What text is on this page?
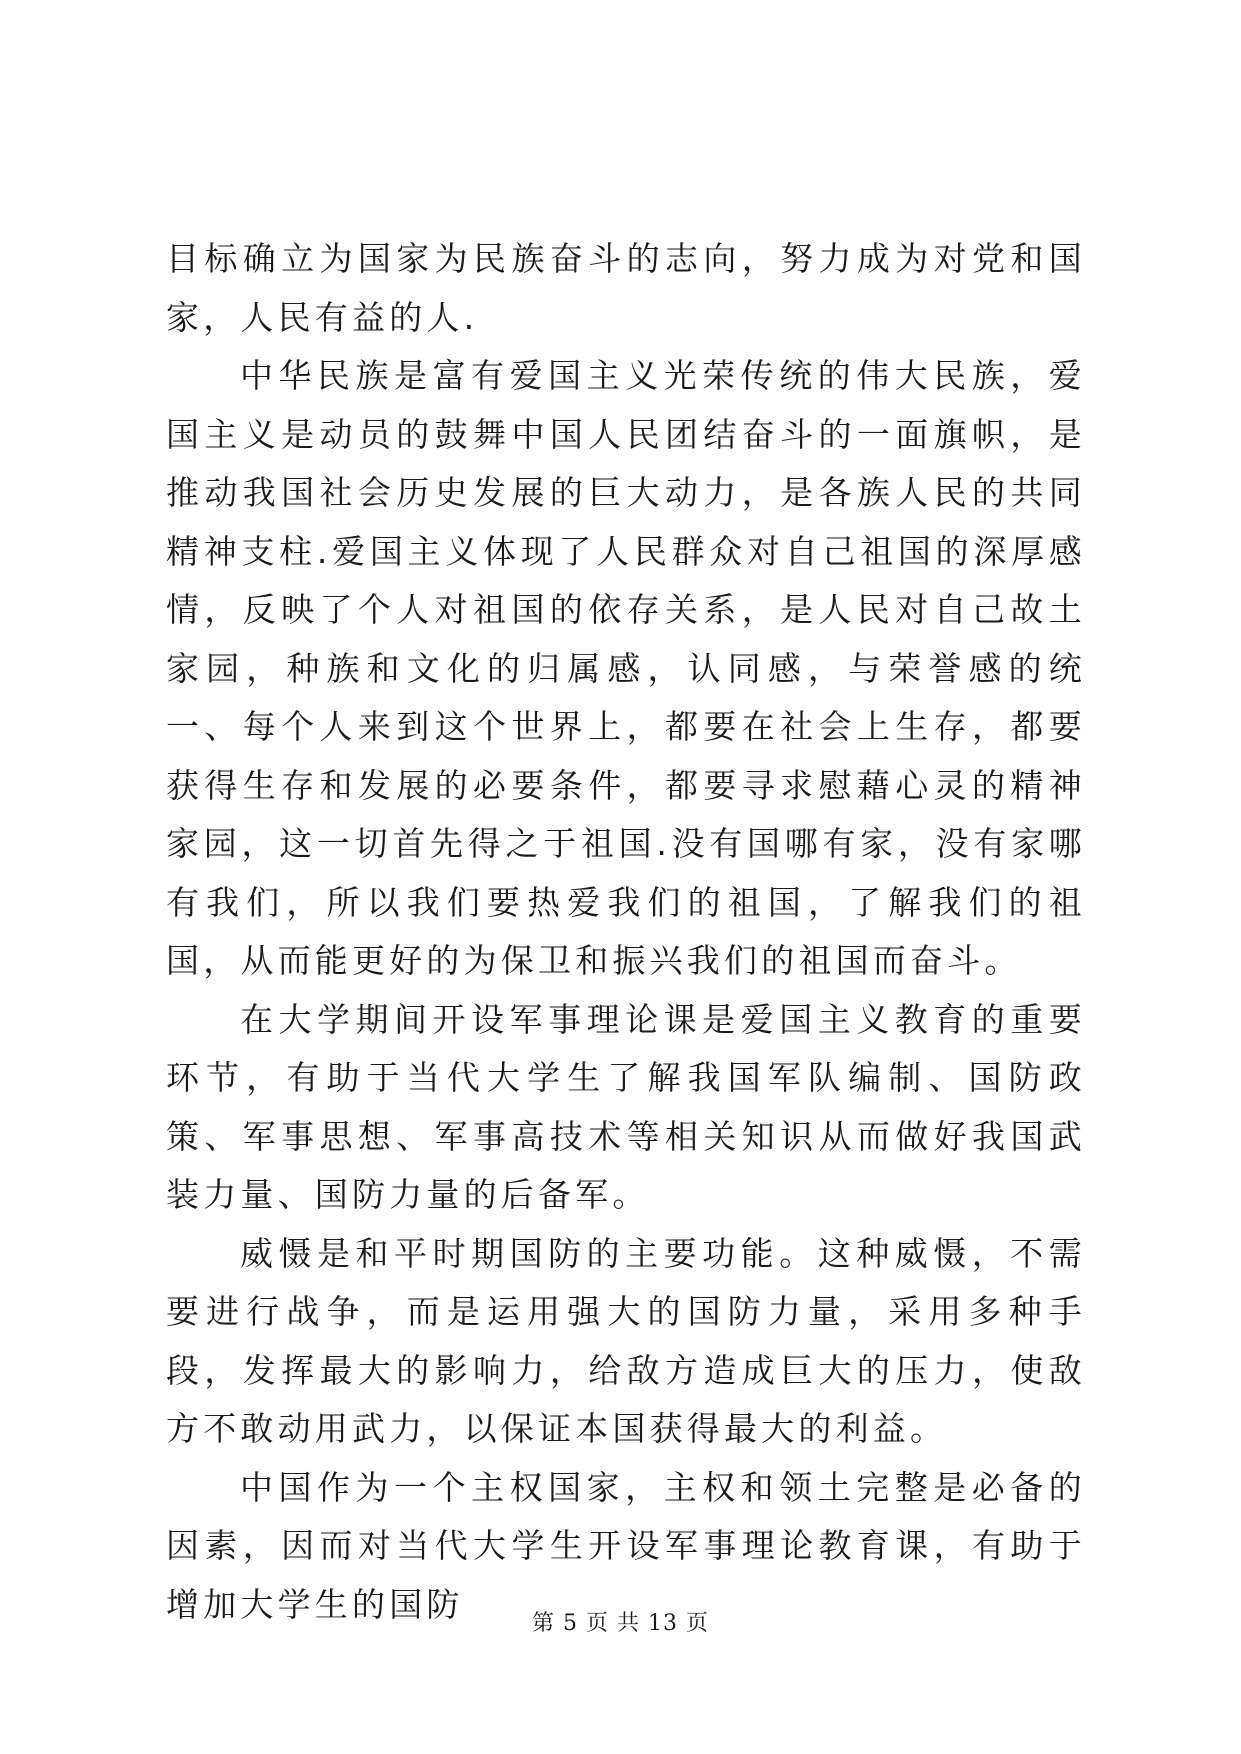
目标确立为国家为民族奋斗的志向，努力成为对党和国家，人民有益的人.

中华民族是富有爱国主义光荣传统的伟大民族，爱国主义是动员的鼓舞中国人民团结奋斗的一面旗帜，是推动我国社会历史发展的巨大动力，是各族人民的共同精神支柱.爱国主义体现了人民群众对自己祖国的深厚感情，反映了个人对祖国的依存关系，是人民对自己故土家园，种族和文化的归属感，认同感，与荣誉感的统一、每个人来到这个世界上，都要在社会上生存，都要获得生存和发展的必要条件，都要寻求慰藉心灵的精神家园，这一切首先得之于祖国.没有国哪有家，没有家哪有我们，所以我们要热爱我们的祖国，了解我们的祖国，从而能更好的为保卫和振兴我们的祖国而奋斗。

在大学期间开设军事理论课是爱国主义教育的重要环节，有助于当代大学生了解我国军队编制、国防政策、军事思想、军事高技术等相关知识从而做好我国武装力量、国防力量的后备军。

威慑是和平时期国防的主要功能。这种威慑，不需要进行战争，而是运用强大的国防力量，采用多种手段，发挥最大的影响力，给敌方造成巨大的压力，使敌方不敢动用武力，以保证本国获得最大的利益。

中国作为一个主权国家，主权和领土完整是必备的因素，因而对当代大学生开设军事理论教育课，有助于增加大学生的国防	第 5 页 共 13 页
